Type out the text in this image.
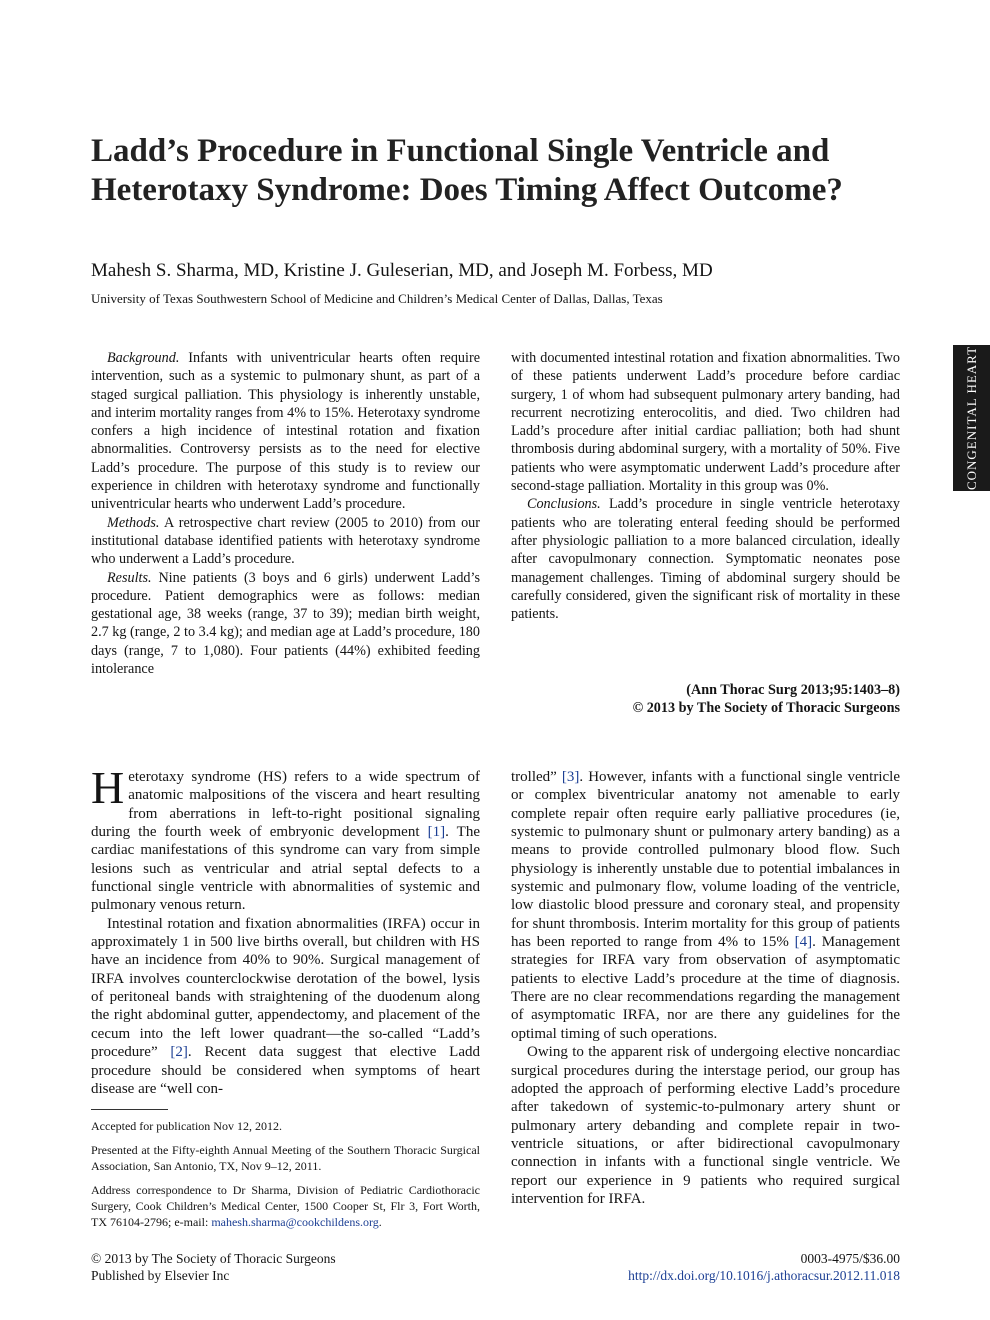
Ladd’s Procedure in Functional Single Ventricle and Heterotaxy Syndrome: Does Timing Affect Outcome?
Mahesh S. Sharma, MD, Kristine J. Guleserian, MD, and Joseph M. Forbess, MD
University of Texas Southwestern School of Medicine and Children’s Medical Center of Dallas, Dallas, Texas
CONGENITAL HEART

Background. Infants with univentricular hearts often require intervention, such as a systemic to pulmonary shunt, as part of a staged surgical palliation. This physiology is inherently unstable, and interim mortality ranges from 4% to 15%. Heterotaxy syndrome confers a high incidence of intestinal rotation and fixation abnormalities. Controversy persists as to the need for elective Ladd’s procedure. The purpose of this study is to review our experience in children with heterotaxy syndrome and functionally univentricular hearts who underwent Ladd’s procedure.

Methods. A retrospective chart review (2005 to 2010) from our institutional database identified patients with heterotaxy syndrome who underwent a Ladd’s procedure.

Results. Nine patients (3 boys and 6 girls) underwent Ladd’s procedure. Patient demographics were as follows: median gestational age, 38 weeks (range, 37 to 39); median birth weight, 2.7 kg (range, 2 to 3.4 kg); and median age at Ladd’s procedure, 180 days (range, 7 to 1,080). Four patients (44%) exhibited feeding intolerance

with documented intestinal rotation and fixation abnormalities. Two of these patients underwent Ladd’s procedure before cardiac surgery, 1 of whom had subsequent pulmonary artery banding, had recurrent necrotizing enterocolitis, and died. Two children had Ladd’s procedure after initial cardiac palliation; both had shunt thrombosis during abdominal surgery, with a mortality of 50%. Five patients who were asymptomatic underwent Ladd’s procedure after second-stage palliation. Mortality in this group was 0%.

Conclusions. Ladd’s procedure in single ventricle heterotaxy patients who are tolerating enteral feeding should be performed after physiologic palliation to a more balanced circulation, ideally after cavopulmonary connection. Symptomatic neonates pose management challenges. Timing of abdominal surgery should be carefully considered, given the significant risk of mortality in these patients.

(Ann Thorac Surg 2013;95:1403–8)
© 2013 by The Society of Thoracic Surgeons

Heterotaxy syndrome (HS) refers to a wide spectrum of anatomic malpositions of the viscera and heart resulting from aberrations in left-to-right positional signaling during the fourth week of embryonic development [1]. The cardiac manifestations of this syndrome can vary from simple lesions such as ventricular and atrial septal defects to a functional single ventricle with abnormalities of systemic and pulmonary venous return.

Intestinal rotation and fixation abnormalities (IRFA) occur in approximately 1 in 500 live births overall, but children with HS have an incidence from 40% to 90%. Surgical management of IRFA involves counterclockwise derotation of the bowel, lysis of peritoneal bands with straightening of the duodenum along the right abdominal gutter, appendectomy, and placement of the cecum into the left lower quadrant—the so-called “Ladd’s procedure” [2]. Recent data suggest that elective Ladd procedure should be considered when symptoms of heart disease are “well con-

trolled” [3]. However, infants with a functional single ventricle or complex biventricular anatomy not amenable to early complete repair often require early palliative procedures (ie, systemic to pulmonary shunt or pulmonary artery banding) as a means to provide controlled pulmonary blood flow. Such physiology is inherently unstable due to potential imbalances in systemic and pulmonary flow, volume loading of the ventricle, low diastolic blood pressure and coronary steal, and propensity for shunt thrombosis. Interim mortality for this group of patients has been reported to range from 4% to 15% [4]. Management strategies for IRFA vary from observation of asymptomatic patients to elective Ladd’s procedure at the time of diagnosis. There are no clear recommendations regarding the management of asymptomatic IRFA, nor are there any guidelines for the optimal timing of such operations.

Owing to the apparent risk of undergoing elective noncardiac surgical procedures during the interstage period, our group has adopted the approach of performing elective Ladd’s procedure after takedown of systemic-to-pulmonary artery shunt or pulmonary artery debanding and complete repair in two-ventricle situations, or after bidirectional cavopulmonary connection in infants with a functional single ventricle. We report our experience in 9 patients who required surgical intervention for IRFA.

Accepted for publication Nov 12, 2012.
Presented at the Fifty-eighth Annual Meeting of the Southern Thoracic Surgical Association, San Antonio, TX, Nov 9–12, 2011.
Address correspondence to Dr Sharma, Division of Pediatric Cardiothoracic Surgery, Cook Children’s Medical Center, 1500 Cooper St, Flr 3, Fort Worth, TX 76104-2796; e-mail: mahesh.sharma@cookchildens.org.
© 2013 by The Society of Thoracic Surgeons
Published by Elsevier Inc
0003-4975/$36.00
http://dx.doi.org/10.1016/j.athoracsur.2012.11.018
